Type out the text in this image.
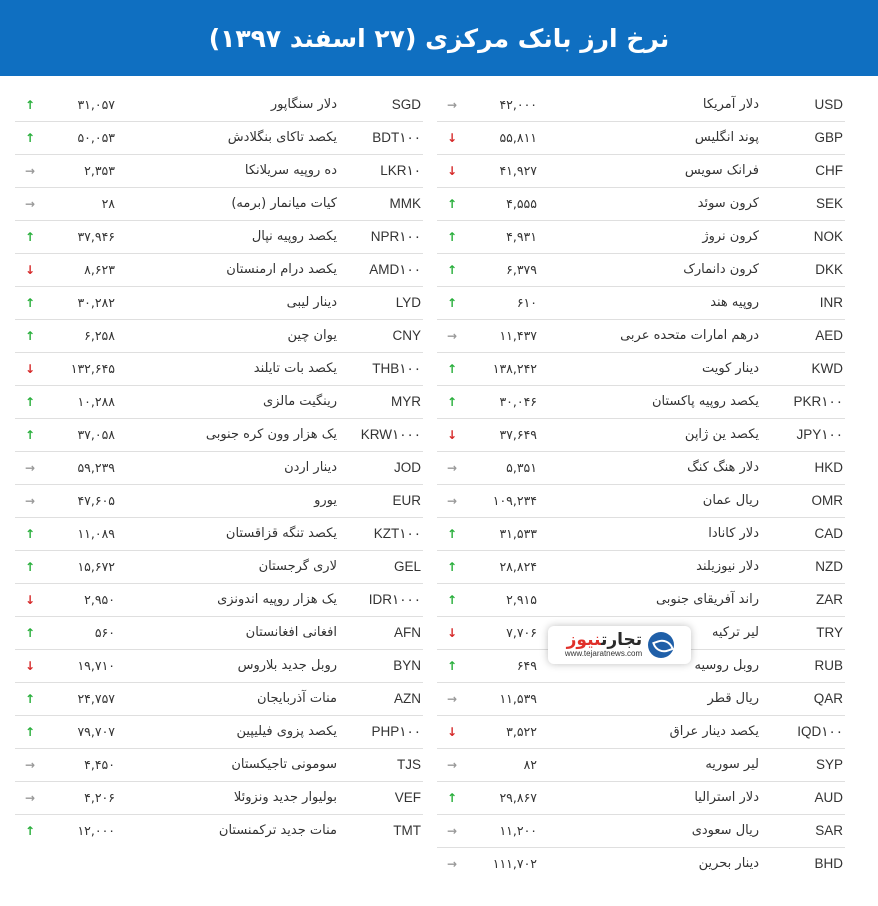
نرخ ارز بانک مرکزی (۲۷ اسفند ۱۳۹۷)
USD
دلار آمریکا
۴۲,۰۰۰
→
GBP
پوند انگلیس
۵۵,۸۱۱
↓
CHF
فرانک سویس
۴۱,۹۲۷
↓
SEK
کرون سوئد
۴,۵۵۵
↑
NOK
کرون نروژ
۴,۹۳۱
↑
DKK
کرون دانمارک
۶,۳۷۹
↑
INR
روپیه هند
۶۱۰
↑
AED
درهم امارات متحده عربی
۱۱,۴۳۷
→
KWD
دینار کویت
۱۳۸,۲۴۲
↑
PKR۱۰۰
یکصد روپیه پاکستان
۳۰,۰۴۶
↑
JPY۱۰۰
یکصد ین ژاپن
۳۷,۶۴۹
↓
HKD
دلار هنگ کنگ
۵,۳۵۱
→
OMR
ریال عمان
۱۰۹,۲۳۴
→
CAD
دلار کانادا
۳۱,۵۳۳
↑
NZD
دلار نیوزیلند
۲۸,۸۲۴
↑
ZAR
راند آفریقای جنوبی
۲,۹۱۵
↑
TRY
لیر ترکیه
۷,۷۰۶
↓
RUB
روبل روسیه
۶۴۹
↑
QAR
ریال قطر
۱۱,۵۳۹
→
IQD۱۰۰
یکصد دینار عراق
۳,۵۲۲
↓
SYP
لیر سوریه
۸۲
→
AUD
دلار استرالیا
۲۹,۸۶۷
↑
SAR
ریال سعودی
۱۱,۲۰۰
→
BHD
دینار بحرین
۱۱۱,۷۰۲
→
SGD
دلار سنگاپور
۳۱,۰۵۷
↑
BDT۱۰۰
یکصد تاکای بنگلادش
۵۰,۰۵۳
↑
LKR۱۰
ده روپیه سریلانکا
۲,۳۵۳
→
MMK
کیات میانمار (برمه)
۲۸
→
NPR۱۰۰
یکصد روپیه نپال
۳۷,۹۴۶
↑
AMD۱۰۰
یکصد درام ارمنستان
۸,۶۲۳
↓
LYD
دینار لیبی
۳۰,۲۸۲
↑
CNY
یوان چین
۶,۲۵۸
↑
THB۱۰۰
یکصد بات تایلند
۱۳۲,۶۴۵
↓
MYR
رینگیت مالزی
۱۰,۲۸۸
↑
KRW۱۰۰۰
یک هزار وون کره جنوبی
۳۷,۰۵۸
↑
JOD
دینار اردن
۵۹,۲۳۹
→
EUR
یورو
۴۷,۶۰۵
→
KZT۱۰۰
یکصد تنگه قزاقستان
۱۱,۰۸۹
↑
GEL
لاری گرجستان
۱۵,۶۷۲
↑
IDR۱۰۰۰
یک هزار روپیه اندونزی
۲,۹۵۰
↓
AFN
افغانی افغانستان
۵۶۰
↑
BYN
روبل جدید بلاروس
۱۹,۷۱۰
↓
AZN
منات آذربایجان
۲۴,۷۵۷
↑
PHP۱۰۰
یکصد پزوی فیلیپین
۷۹,۷۰۷
↑
TJS
سومونی تاجیکستان
۴,۴۵۰
→
VEF
بولیوار جدید ونزوئلا
۴,۲۰۶
→
TMT
منات جدید ترکمنستان
۱۲,۰۰۰
↑
تجارتنیوز
www.tejaratnews.com
